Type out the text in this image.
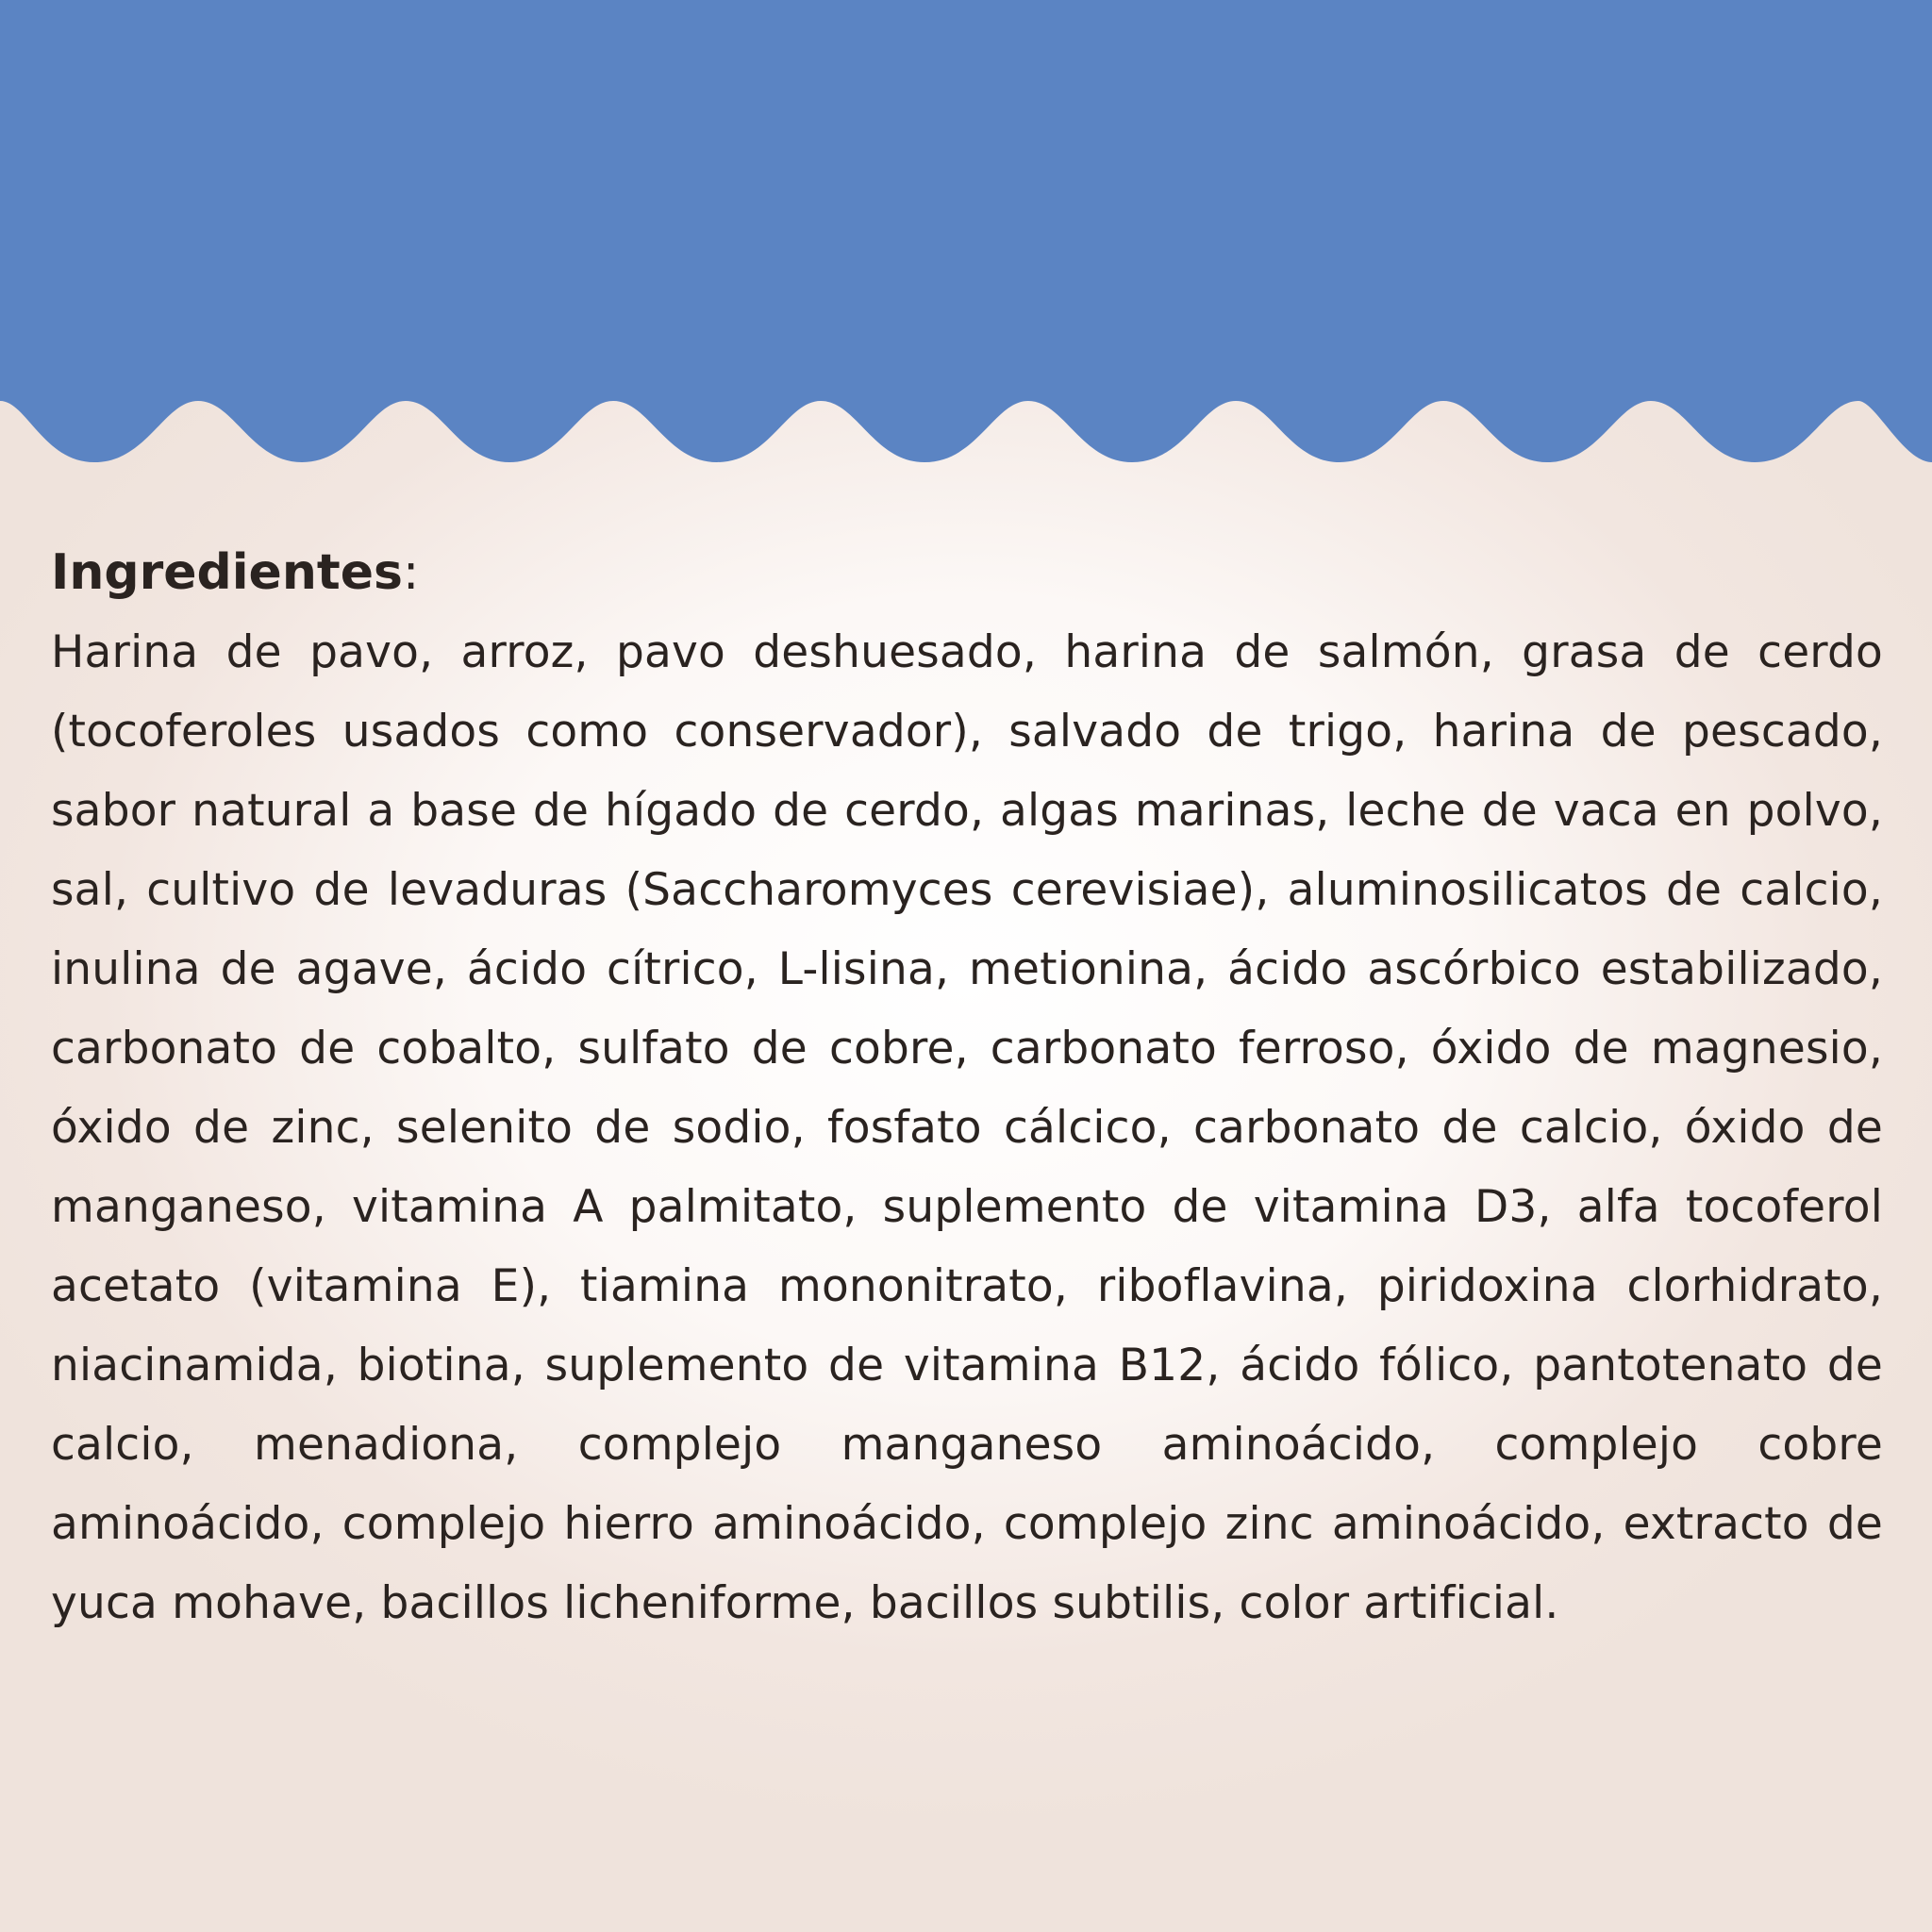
Ingredientes:

Harina de pavo, arroz, pavo deshuesado, harina de salmón, grasa de cerdo (tocoferoles usados como conservador), salvado de trigo, harina de pescado, sabor natural a base de hígado de cerdo, algas marinas, leche de vaca en polvo, sal, cultivo de levaduras (Saccharomyces cerevisiae), aluminosilicatos de calcio, inulina de agave, ácido cítrico, L-lisina, metionina, ácido ascórbico estabilizado, carbonato de cobalto, sulfato de cobre, carbonato ferroso, óxido de magnesio, óxido de zinc, selenito de sodio, fosfato cálcico, carbonato de calcio, óxido de manganeso, vitamina A palmitato, suplemento de vitamina D3, alfa tocoferol acetato (vitamina E), tiamina mononitrato, riboflavina, piridoxina clorhidrato, niacinamida, biotina, suplemento de vitamina B12, ácido fólico, pantotenato de calcio, menadiona, complejo manganeso aminoácido, complejo cobre aminoácido, complejo hierro aminoácido, complejo zinc aminoácido, extracto de yuca mohave, bacillos licheniforme, bacillos subtilis, color artificial.
